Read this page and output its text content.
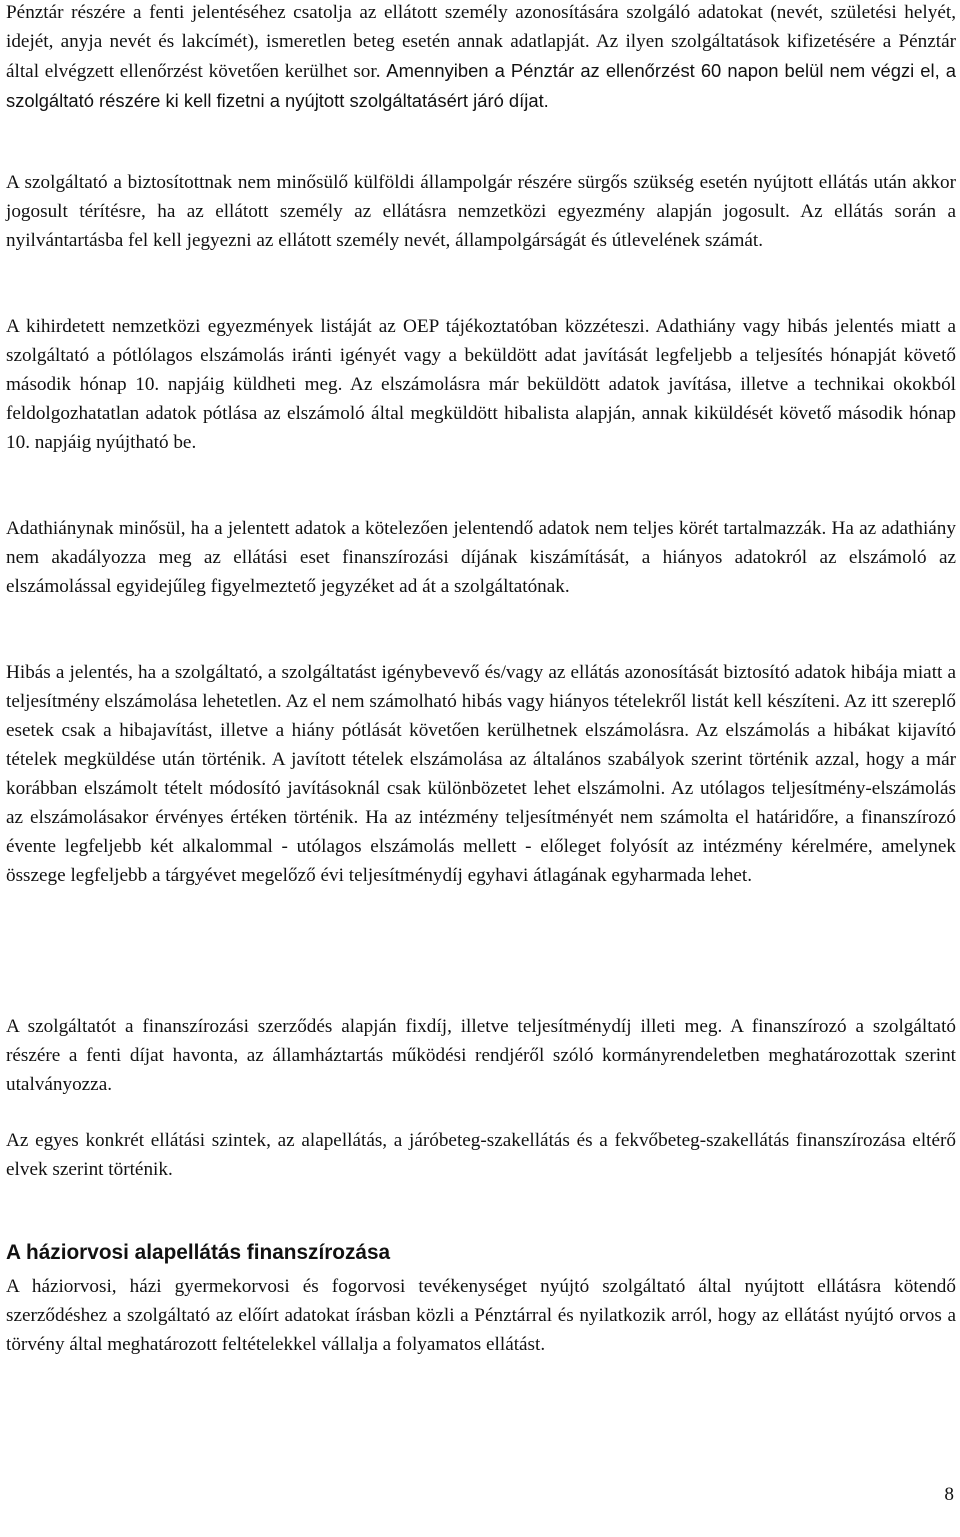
Pénztár részére a fenti jelentéséhez csatolja az ellátott személy azonosítására szolgáló adatokat (nevét, születési helyét, idejét, anyja nevét és lakcímét), ismeretlen beteg esetén annak adatlapját. Az ilyen szolgáltatások kifizetésére a Pénztár által elvégzett ellenőrzést követően kerülhet sor. Amennyiben a Pénztár az ellenőrzést 60 napon belül nem végzi el, a szolgáltató részére ki kell fizetni a nyújtott szolgáltatásért járó díjat.

A szolgáltató a biztosítottnak nem minősülő külföldi állampolgár részére sürgős szükség esetén nyújtott ellátás után akkor jogosult térítésre, ha az ellátott személy az ellátásra nemzetközi egyezmény alapján jogosult. Az ellátás során a nyilvántartásba fel kell jegyezni az ellátott személy nevét, állampolgárságát és útlevelének számát.

A kihirdetett nemzetközi egyezmények listáját az OEP tájékoztatóban közzéteszi. Adathiány vagy hibás jelentés miatt a szolgáltató a pótlólagos elszámolás iránti igényét vagy a beküldött adat javítását legfeljebb a teljesítés hónapját követő második hónap 10. napjáig küldheti meg. Az elszámolásra már beküldött adatok javítása, illetve a technikai okokból feldolgozhatatlan adatok pótlása az elszámoló által megküldött hibalista alapján, annak kiküldését követő második hónap 10. napjáig nyújtható be.

Adathiánynak minősül, ha a jelentett adatok a kötelezően jelentendő adatok nem teljes körét tartalmazzák. Ha az adathiány nem akadályozza meg az ellátási eset finanszírozási díjának kiszámítását, a hiányos adatokról az elszámoló az elszámolással egyidejűleg figyelmeztető jegyzéket ad át a szolgáltatónak.

Hibás a jelentés, ha a szolgáltató, a szolgáltatást igénybevevő és/vagy az ellátás azonosítását biztosító adatok hibája miatt a teljesítmény elszámolása lehetetlen. Az el nem számolható hibás vagy hiányos tételekről listát kell készíteni. Az itt szereplő esetek csak a hibajavítást, illetve a hiány pótlását követően kerülhetnek elszámolásra. Az elszámolás a hibákat kijavító tételek megküldése után történik. A javított tételek elszámolása az általános szabályok szerint történik azzal, hogy a már korábban elszámolt tételt módosító javításoknál csak különbözetet lehet elszámolni. Az utólagos teljesítmény-elszámolás az elszámolásakor érvényes értéken történik. Ha az intézmény teljesítményét nem számolta el határidőre, a finanszírozó évente legfeljebb két alkalommal - utólagos elszámolás mellett - előleget folyósít az intézmény kérelmére, amelynek összege legfeljebb a tárgyévet megelőző évi teljesítménydíj egyhavi átlagának egyharmada lehet.

A szolgáltatót a finanszírozási szerződés alapján fixdíj, illetve teljesítménydíj illeti meg. A finanszírozó a szolgáltató részére a fenti díjat havonta, az államháztartás működési rendjéről szóló kormányrendeletben meghatározottak szerint utalványozza.

Az egyes konkrét ellátási szintek, az alapellátás, a járóbeteg-szakellátás és a fekvőbeteg-szakellátás finanszírozása eltérő elvek szerint történik.

A háziorvosi alapellátás finanszírozása

A háziorvosi, házi gyermekorvosi és fogorvosi tevékenységet nyújtó szolgáltató által nyújtott ellátásra kötendő szerződéshez a szolgáltató az előírt adatokat írásban közli a Pénztárral és nyilatkozik arról, hogy az ellátást nyújtó orvos a törvény által meghatározott feltételekkel vállalja a folyamatos ellátást.

8
